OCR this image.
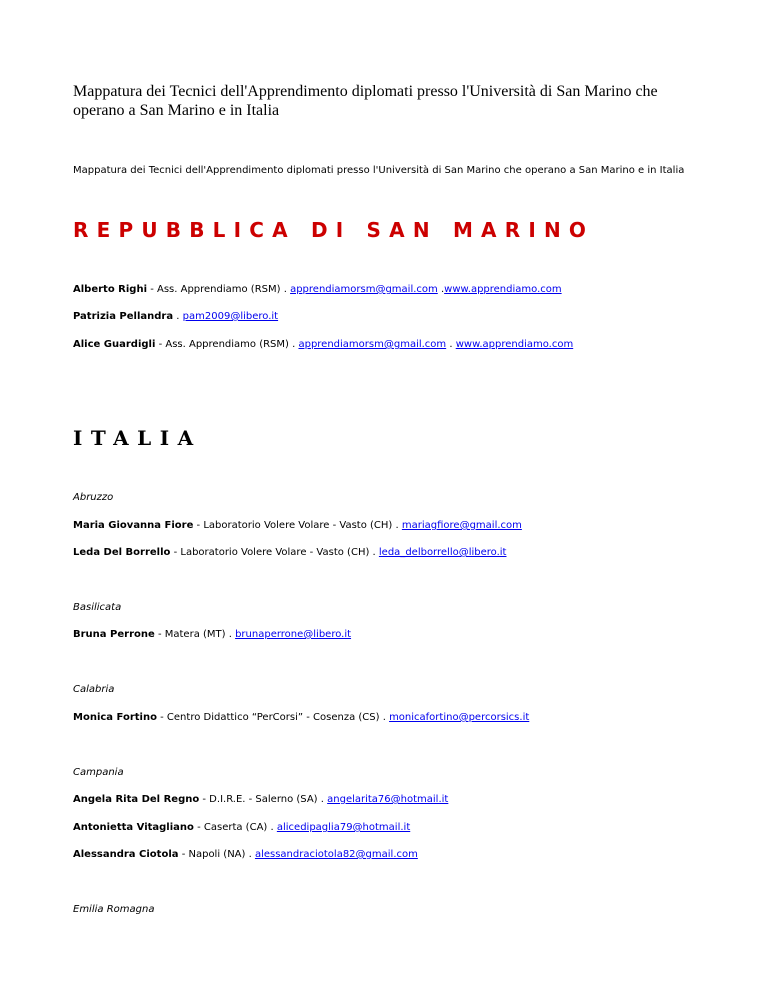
Mappatura dei Tecnici dell'Apprendimento diplomati presso l'Università di San Marino che operano a San Marino e in Italia

Mappatura dei Tecnici dell'Apprendimento diplomati presso l'Università di San Marino che operano a San Marino e in Italia

REPUBBLICA DI SAN MARINO

Alberto Righi - Ass. Apprendiamo (RSM) . apprendiamorsm@gmail.com .www.apprendiamo.com

Patrizia Pellandra . pam2009@libero.it

Alice Guardigli - Ass. Apprendiamo (RSM) . apprendiamorsm@gmail.com . www.apprendiamo.com

ITALIA

Abruzzo

Maria Giovanna Fiore - Laboratorio Volere Volare - Vasto (CH) . mariagfiore@gmail.com

Leda Del Borrello - Laboratorio Volere Volare - Vasto (CH) . leda_delborrello@libero.it

Basilicata

Bruna Perrone - Matera (MT) . brunaperrone@libero.it

Calabria

Monica Fortino - Centro Didattico “PerCorsi” - Cosenza (CS) . monicafortino@percorsics.it

Campania

Angela Rita Del Regno - D.I.R.E. - Salerno (SA) . angelarita76@hotmail.it

Antonietta Vitagliano - Caserta (CA) . alicedipaglia79@hotmail.it

Alessandra Ciotola - Napoli (NA) . alessandraciotola82@gmail.com

Emilia Romagna
